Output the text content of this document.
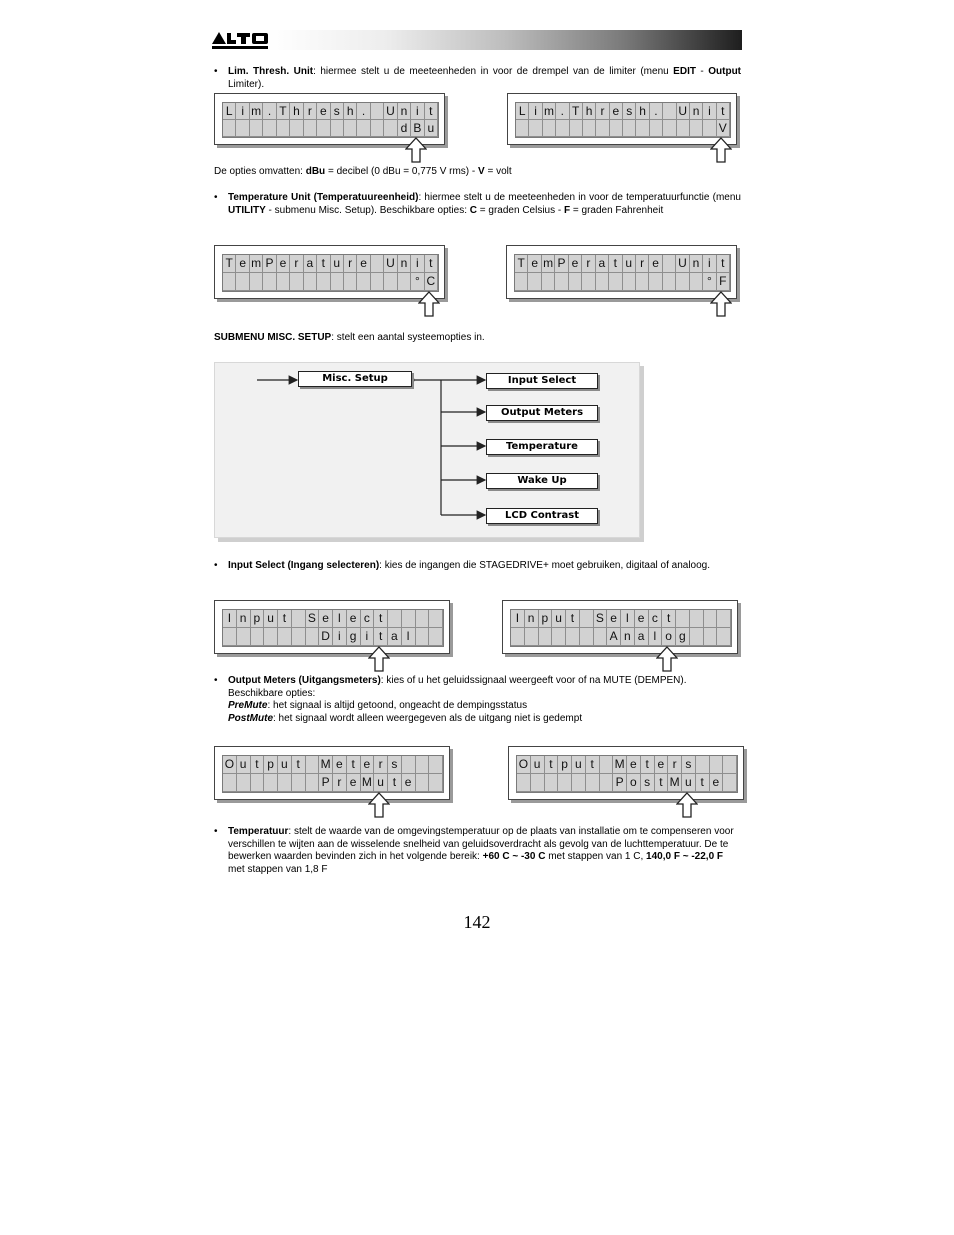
• Lim. Thresh. Unit: hiermee stelt u de meeteenheden in voor de drempel van de limiter (menu EDIT - Output Limiter).
L i m . T h r e s h .	U n i t
d B u
L i m . T h r e s h .	U n i t
V
De opties omvatten: dBu = decibel (0 dBu = 0,775 V rms) - V = volt
• Temperature Unit (Temperatuureenheid): hiermee stelt u de meeteenheden in voor de temperatuurfunctie (menu UTILITY - submenu Misc. Setup). Beschikbare opties: C = graden Celsius - F = graden Fahrenheit
T e m P e r a t u r e	U n i t
° C
T e m P e r a t u r e	U n i t
° F
SUBMENU MISC. SETUP: stelt een aantal systeemopties in.
Misc. Setup	Input Select
Output Meters
Temperature
Wake Up
LCD Contrast
• Input Select (Ingang selecteren): kies de ingangen die STAGEDRIVE+ moet gebruiken, digitaal of analoog.
I n p u t	S e l e c t
D i g i t a l
I n p u t	S e l e c t
A n a l o g
• Output Meters (Uitgangsmeters): kies of u het geluidssignaal weergeeft voor of na MUTE (DEMPEN).
Beschikbare opties:
PreMute: het signaal is altijd getoond, ongeacht de dempingsstatus
PostMute: het signaal wordt alleen weergegeven als de uitgang niet is gedempt
O u t p u t	M e t e r s
P r e M u t e
O u t p u t	M e t e r s
P o s t M u t e
• Temperatuur: stelt de waarde van de omgevingstemperatuur op de plaats van installatie om te compenseren voor verschillen te wijten aan de wisselende snelheid van geluidsoverdracht als gevolg van de luchttemperatuur. De te bewerken waarden bevinden zich in het volgende bereik: +60 C ~ -30 C met stappen van 1 C, 140,0 F ~ -22,0 F met stappen van 1,8 F
142
